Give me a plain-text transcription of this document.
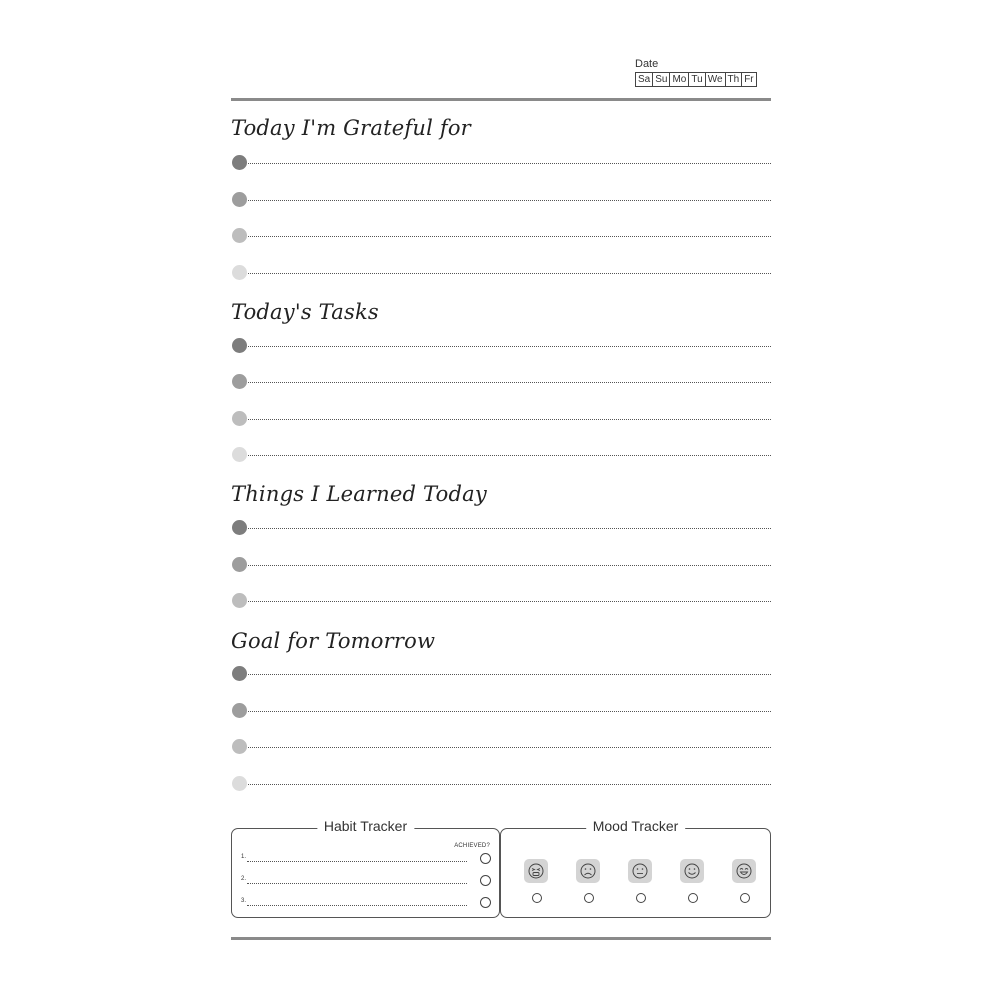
Date
Sa Su Mo Tu We Th Fr
Today I'm Grateful for
Today's Tasks
Things I Learned Today
Goal for Tomorrow
Habit Tracker
ACHIEVED?
1.
2.
3.
Mood Tracker
